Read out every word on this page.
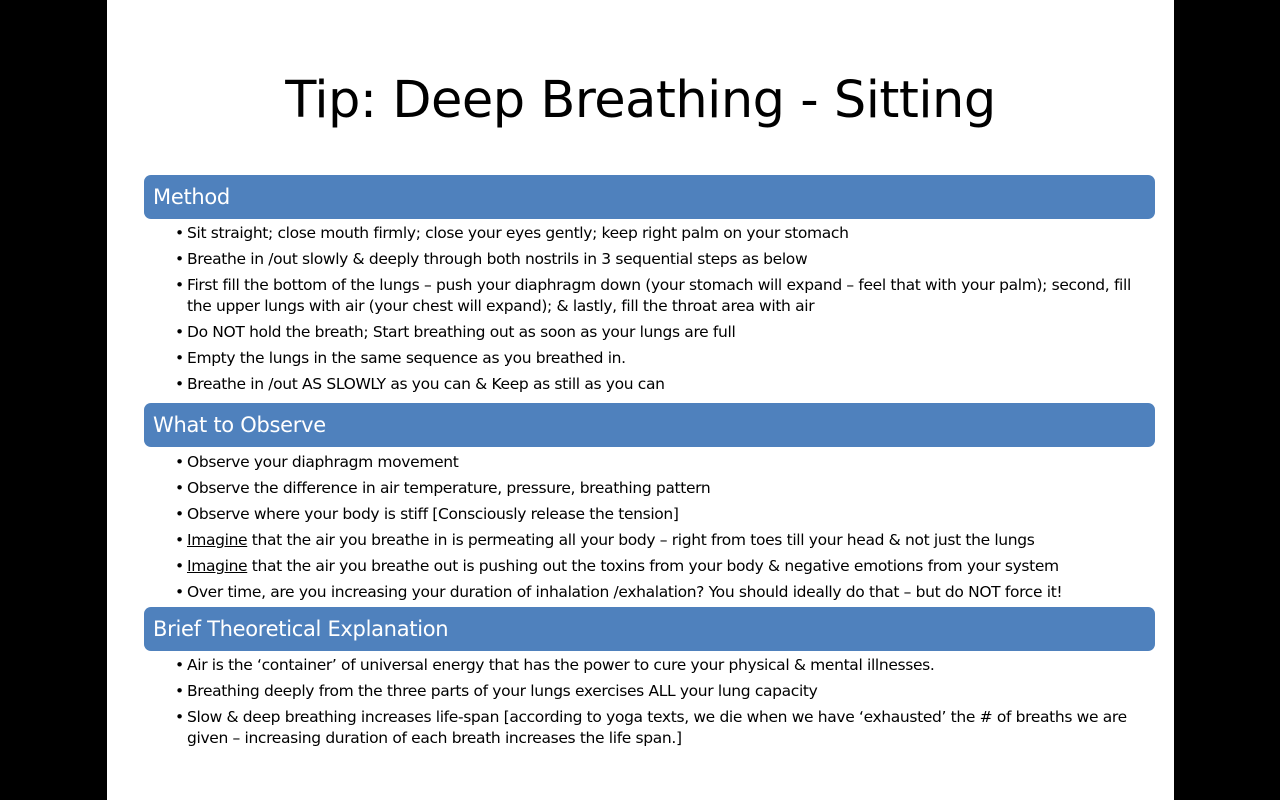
Tip: Deep Breathing - Sitting
Method
• Sit straight; close mouth firmly; close your eyes gently; keep right palm on your stomach
• Breathe in /out slowly & deeply through both nostrils in 3 sequential steps as below
• First fill the bottom of the lungs – push your diaphragm down (your stomach will expand – feel that with your palm); second, fill the upper lungs with air (your chest will expand); & lastly, fill the throat area with air
• Do NOT hold the breath; Start breathing out as soon as your lungs are full
• Empty the lungs in the same sequence as you breathed in.
• Breathe in /out AS SLOWLY as you can & Keep as still as you can
What to Observe
• Observe your diaphragm movement
• Observe the difference in air temperature, pressure, breathing pattern
• Observe where your body is stiff [Consciously release the tension]
• Imagine that the air you breathe in is permeating all your body – right from toes till your head & not just the lungs
• Imagine that the air you breathe out is pushing out the toxins from your body & negative emotions from your system
• Over time, are you increasing your duration of inhalation /exhalation? You should ideally do that – but do NOT force it!
Brief Theoretical Explanation
• Air is the ‘container’ of universal energy that has the power to cure your physical & mental illnesses.
• Breathing deeply from the three parts of your lungs exercises ALL your lung capacity
• Slow & deep breathing increases life-span [according to yoga texts, we die when we have ‘exhausted’ the # of breaths we are given – increasing duration of each breath increases the life span.]
